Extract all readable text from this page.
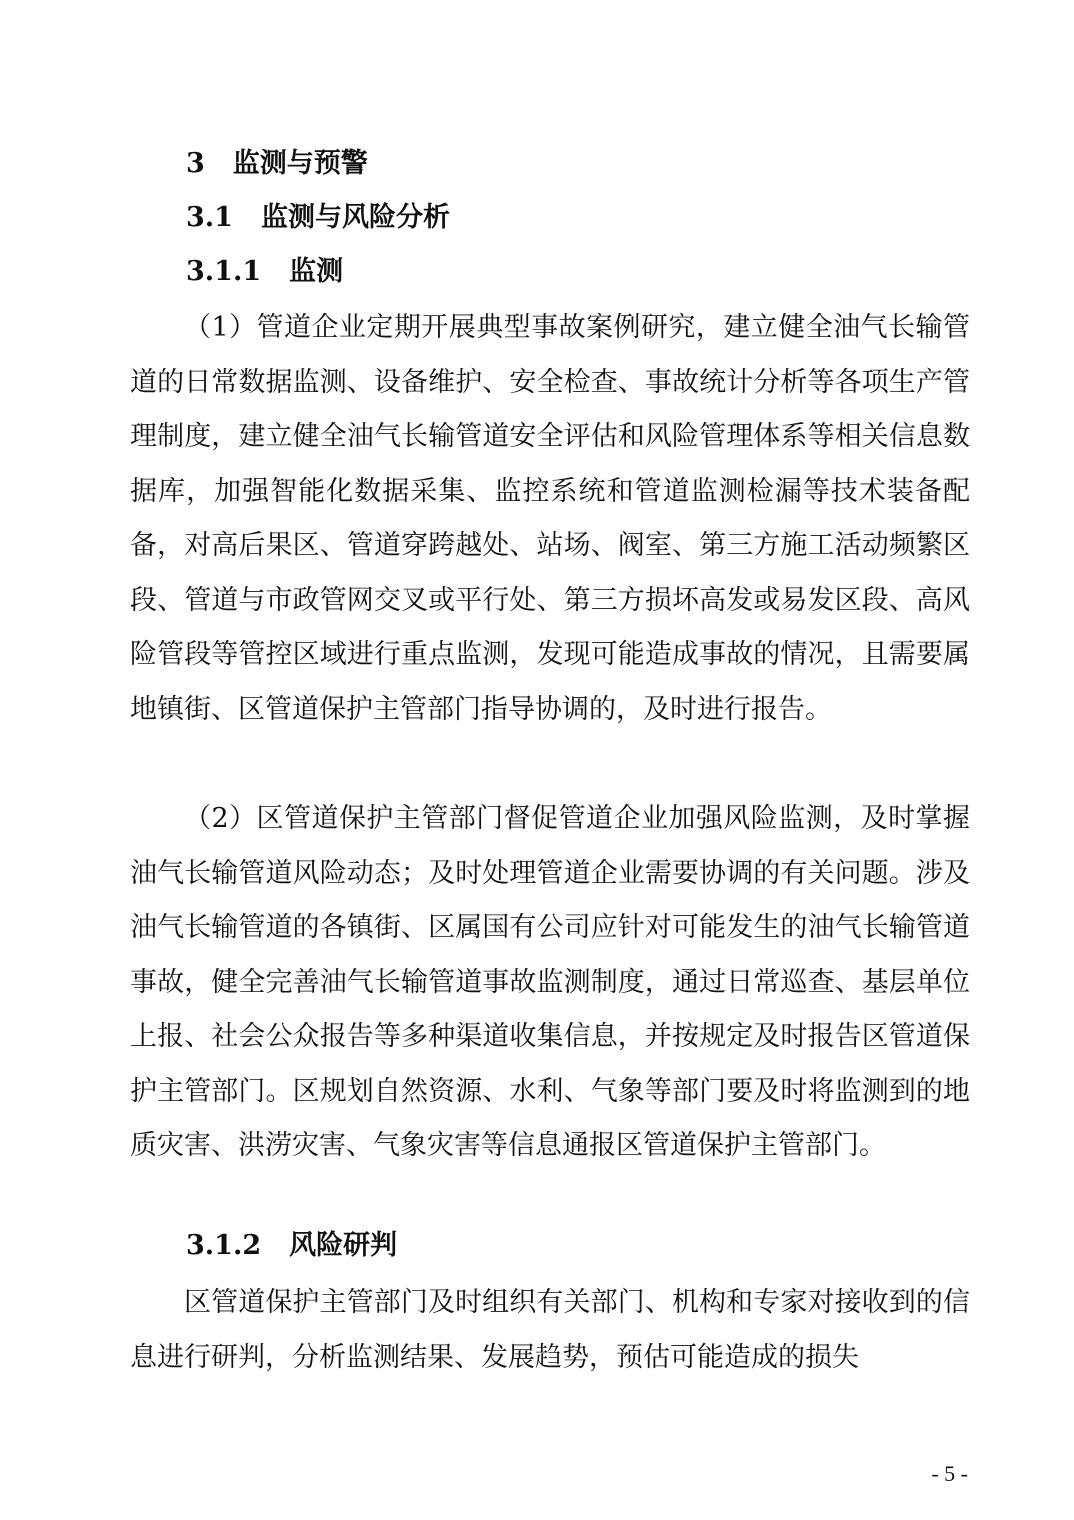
3 监测与预警
3.1 监测与风险分析
3.1.1 监测

（1）管道企业定期开展典型事故案例研究，建立健全油气长输管道的日常数据监测、设备维护、安全检查、事故统计分析等各项生产管理制度，建立健全油气长输管道安全评估和风险管理体系等相关信息数据库，加强智能化数据采集、监控系统和管道监测检漏等技术装备配备，对高后果区、管道穿跨越处、站场、阀室、第三方施工活动频繁区段、管道与市政管网交叉或平行处、第三方损坏高发或易发区段、高风险管段等管控区域进行重点监测，发现可能造成事故的情况，且需要属地镇街、区管道保护主管部门指导协调的，及时进行报告。

（2）区管道保护主管部门督促管道企业加强风险监测，及时掌握油气长输管道风险动态；及时处理管道企业需要协调的有关问题。涉及油气长输管道的各镇街、区属国有公司应针对可能发生的油气长输管道事故，健全完善油气长输管道事故监测制度，通过日常巡查、基层单位上报、社会公众报告等多种渠道收集信息，并按规定及时报告区管道保护主管部门。区规划自然资源、水利、气象等部门要及时将监测到的地质灾害、洪涝灾害、气象灾害等信息通报区管道保护主管部门。

3.1.2 风险研判

区管道保护主管部门及时组织有关部门、机构和专家对接收到的信息进行研判，分析监测结果、发展趋势，预估可能造成的损失

- 5 -
